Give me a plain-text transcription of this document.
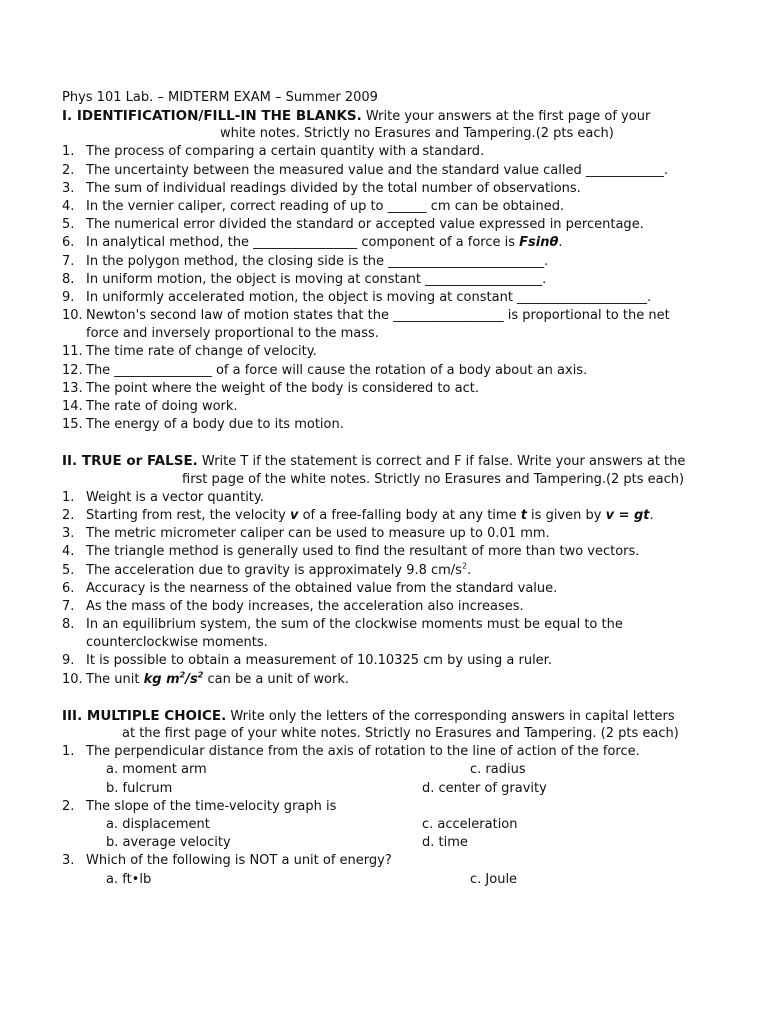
Phys 101 Lab. – MIDTERM EXAM – Summer 2009
I. IDENTIFICATION/FILL-IN THE BLANKS. Write your answers at the first page of your
white notes. Strictly no Erasures and Tampering.(2 pts each)
1. The process of comparing a certain quantity with a standard.
2. The uncertainty between the measured value and the standard value called ____________.
3. The sum of individual readings divided by the total number of observations.
4. In the vernier caliper, correct reading of up to ______ cm can be obtained.
5. The numerical error divided the standard or accepted value expressed in percentage.
6. In analytical method, the ________________ component of a force is Fsinθ.
7. In the polygon method, the closing side is the ________________________.
8. In uniform motion, the object is moving at constant __________________.
9. In uniformly accelerated motion, the object is moving at constant ____________________.
10. Newton's second law of motion states that the _________________ is proportional to the net
force and inversely proportional to the mass.
11. The time rate of change of velocity.
12. The _______________ of a force will cause the rotation of a body about an axis.
13. The point where the weight of the body is considered to act.
14. The rate of doing work.
15. The energy of a body due to its motion.
II. TRUE or FALSE. Write T if the statement is correct and F if false. Write your answers at the
first page of the white notes. Strictly no Erasures and Tampering.(2 pts each)
1. Weight is a vector quantity.
2. Starting from rest, the velocity v of a free-falling body at any time t is given by v = gt.
3. The metric micrometer caliper can be used to measure up to 0.01 mm.
4. The triangle method is generally used to find the resultant of more than two vectors.
5. The acceleration due to gravity is approximately 9.8 $cm/s^2$.
6. Accuracy is the nearness of the obtained value from the standard value.
7. As the mass of the body increases, the acceleration also increases.
8. In an equilibrium system, the sum of the clockwise moments must be equal to the
counterclockwise moments.
9. It is possible to obtain a measurement of 10.10325 cm by using a ruler.
10. The unit kg $m^2/s^2$ can be a unit of work.
III. MULTIPLE CHOICE. Write only the letters of the corresponding answers in capital letters
at the first page of your white notes. Strictly no Erasures and Tampering. (2 pts each)
1. The perpendicular distance from the axis of rotation to the line of action of the force.
a. moment arm	c. radius
b. fulcrum	d. center of gravity
2. The slope of the time-velocity graph is
a. displacement	c. acceleration
b. average velocity	d. time
3. Which of the following is NOT a unit of energy?
a. ft•lb	c. Joule
